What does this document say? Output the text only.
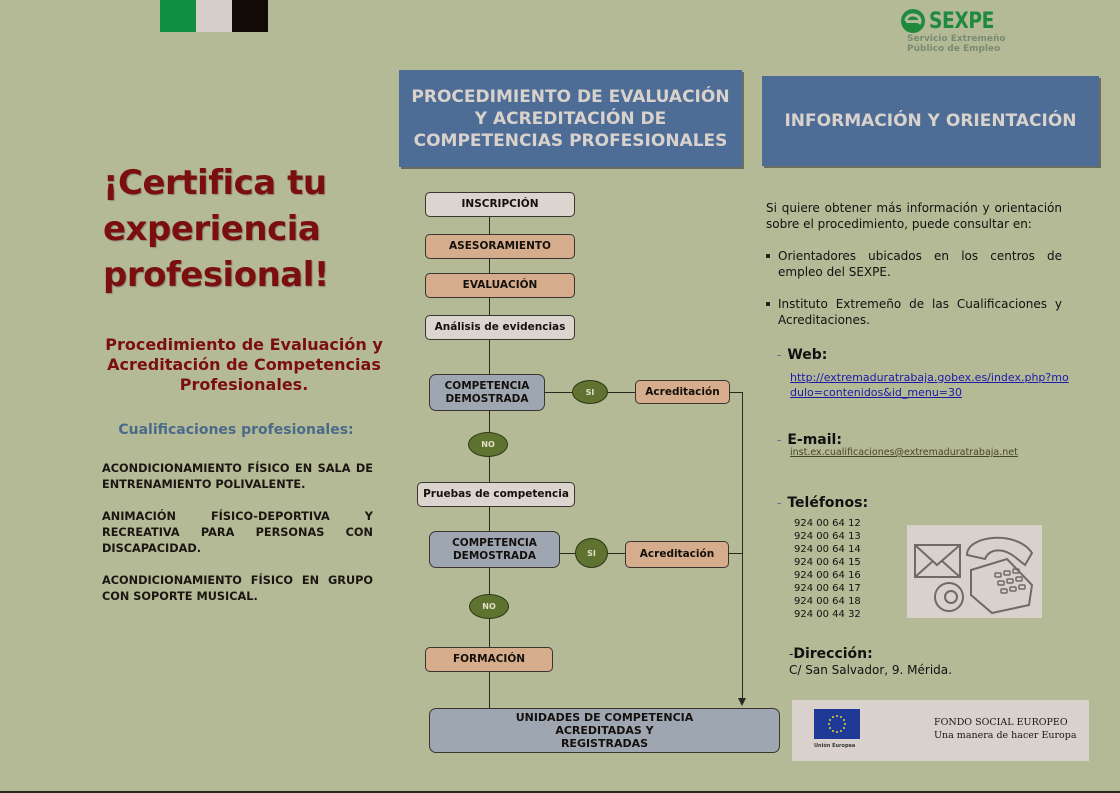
SEXPE
Servicio Extremeño
Público de Empleo
¡Certifica tu experiencia profesional!
Procedimiento de Evaluación y Acreditación de Competencias Profesionales.
Cualificaciones profesionales:
ACONDICIONAMIENTO FÍSICO EN SALA DE ENTRENAMIENTO POLIVALENTE.
ANIMACIÓN FÍSICO-DEPORTIVA Y RECREATIVA PARA PERSONAS CON DISCAPACIDAD.
ACONDICIONAMIENTO FÍSICO EN GRUPO CON SOPORTE MUSICAL.
PROCEDIMIENTO DE EVALUACIÓN Y ACREDITACIÓN DE COMPETENCIAS PROFESIONALES
INFORMACIÓN Y ORIENTACIÓN
INSCRIPCIÓN
ASESORAMIENTO
EVALUACIÓN
Análisis de evidencias
COMPETENCIA DEMOSTRADA
SI	Acreditación
NO
Pruebas de competencia
COMPETENCIA DEMOSTRADA	SI	Acreditación
NO
FORMACIÓN
UNIDADES DE COMPETENCIA ACREDITADAS Y REGISTRADAS
Si quiere obtener más información y orientación sobre el procedimiento, puede consultar en:
Orientadores ubicados en los centros de empleo del SEXPE.
Instituto Extremeño de las Cualificaciones y Acreditaciones.
- Web:
http://extremaduratrabaja.gobex.es/index.php?modulo=contenidos&id_menu=30
- E-mail:
inst.ex.cualificaciones@extremaduratrabaja.net
- Teléfonos:
924 00 64 12
924 00 64 13
924 00 64 14
924 00 64 15
924 00 64 16
924 00 64 17
924 00 64 18
924 00 44 32
-Dirección:
C/ San Salvador, 9. Mérida.
Unión Europea
FONDO SOCIAL EUROPEO
Una manera de hacer Europa
